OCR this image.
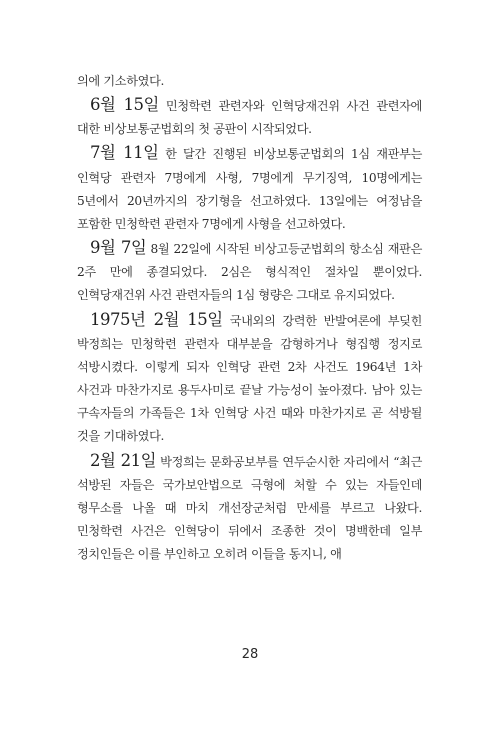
의에 기소하였다.

6월 15일 민청학련 관련자와 인혁당재건위 사건 관련자에 대한 비상보통군법회의 첫 공판이 시작되었다.

7월 11일 한 달간 진행된 비상보통군법회의 1심 재판부는 인혁당 관련자 7명에게 사형, 7명에게 무기징역, 10명에게는 5년에서 20년까지의 장기형을 선고하였다. 13일에는 여정남을 포함한 민청학련 관련자 7명에게 사형을 선고하였다.

9월 7일 8월 22일에 시작된 비상고등군법회의 항소심 재판은 2주 만에 종결되었다. 2심은 형식적인 절차일 뿐이었다. 인혁당재건위 사건 관련자들의 1심 형량은 그대로 유지되었다.

1975년 2월 15일 국내외의 강력한 반발여론에 부딪힌 박정희는 민청학련 관련자 대부분을 감형하거나 형집행 정지로 석방시켰다. 이렇게 되자 인혁당 관련 2차 사건도 1964년 1차 사건과 마찬가지로 용두사미로 끝날 가능성이 높아졌다. 남아 있는 구속자들의 가족들은 1차 인혁당 사건 때와 마찬가지로 곧 석방될 것을 기대하였다.

2월 21일 박정희는 문화공보부를 연두순시한 자리에서 “최근 석방된 자들은 국가보안법으로 극형에 처할 수 있는 자들인데 형무소를 나올 때 마치 개선장군처럼 만세를 부르고 나왔다. 민청학련 사건은 인혁당이 뒤에서 조종한 것이 명백한데 일부 정치인들은 이를 부인하고 오히려 이들을 동지니, 애

28
